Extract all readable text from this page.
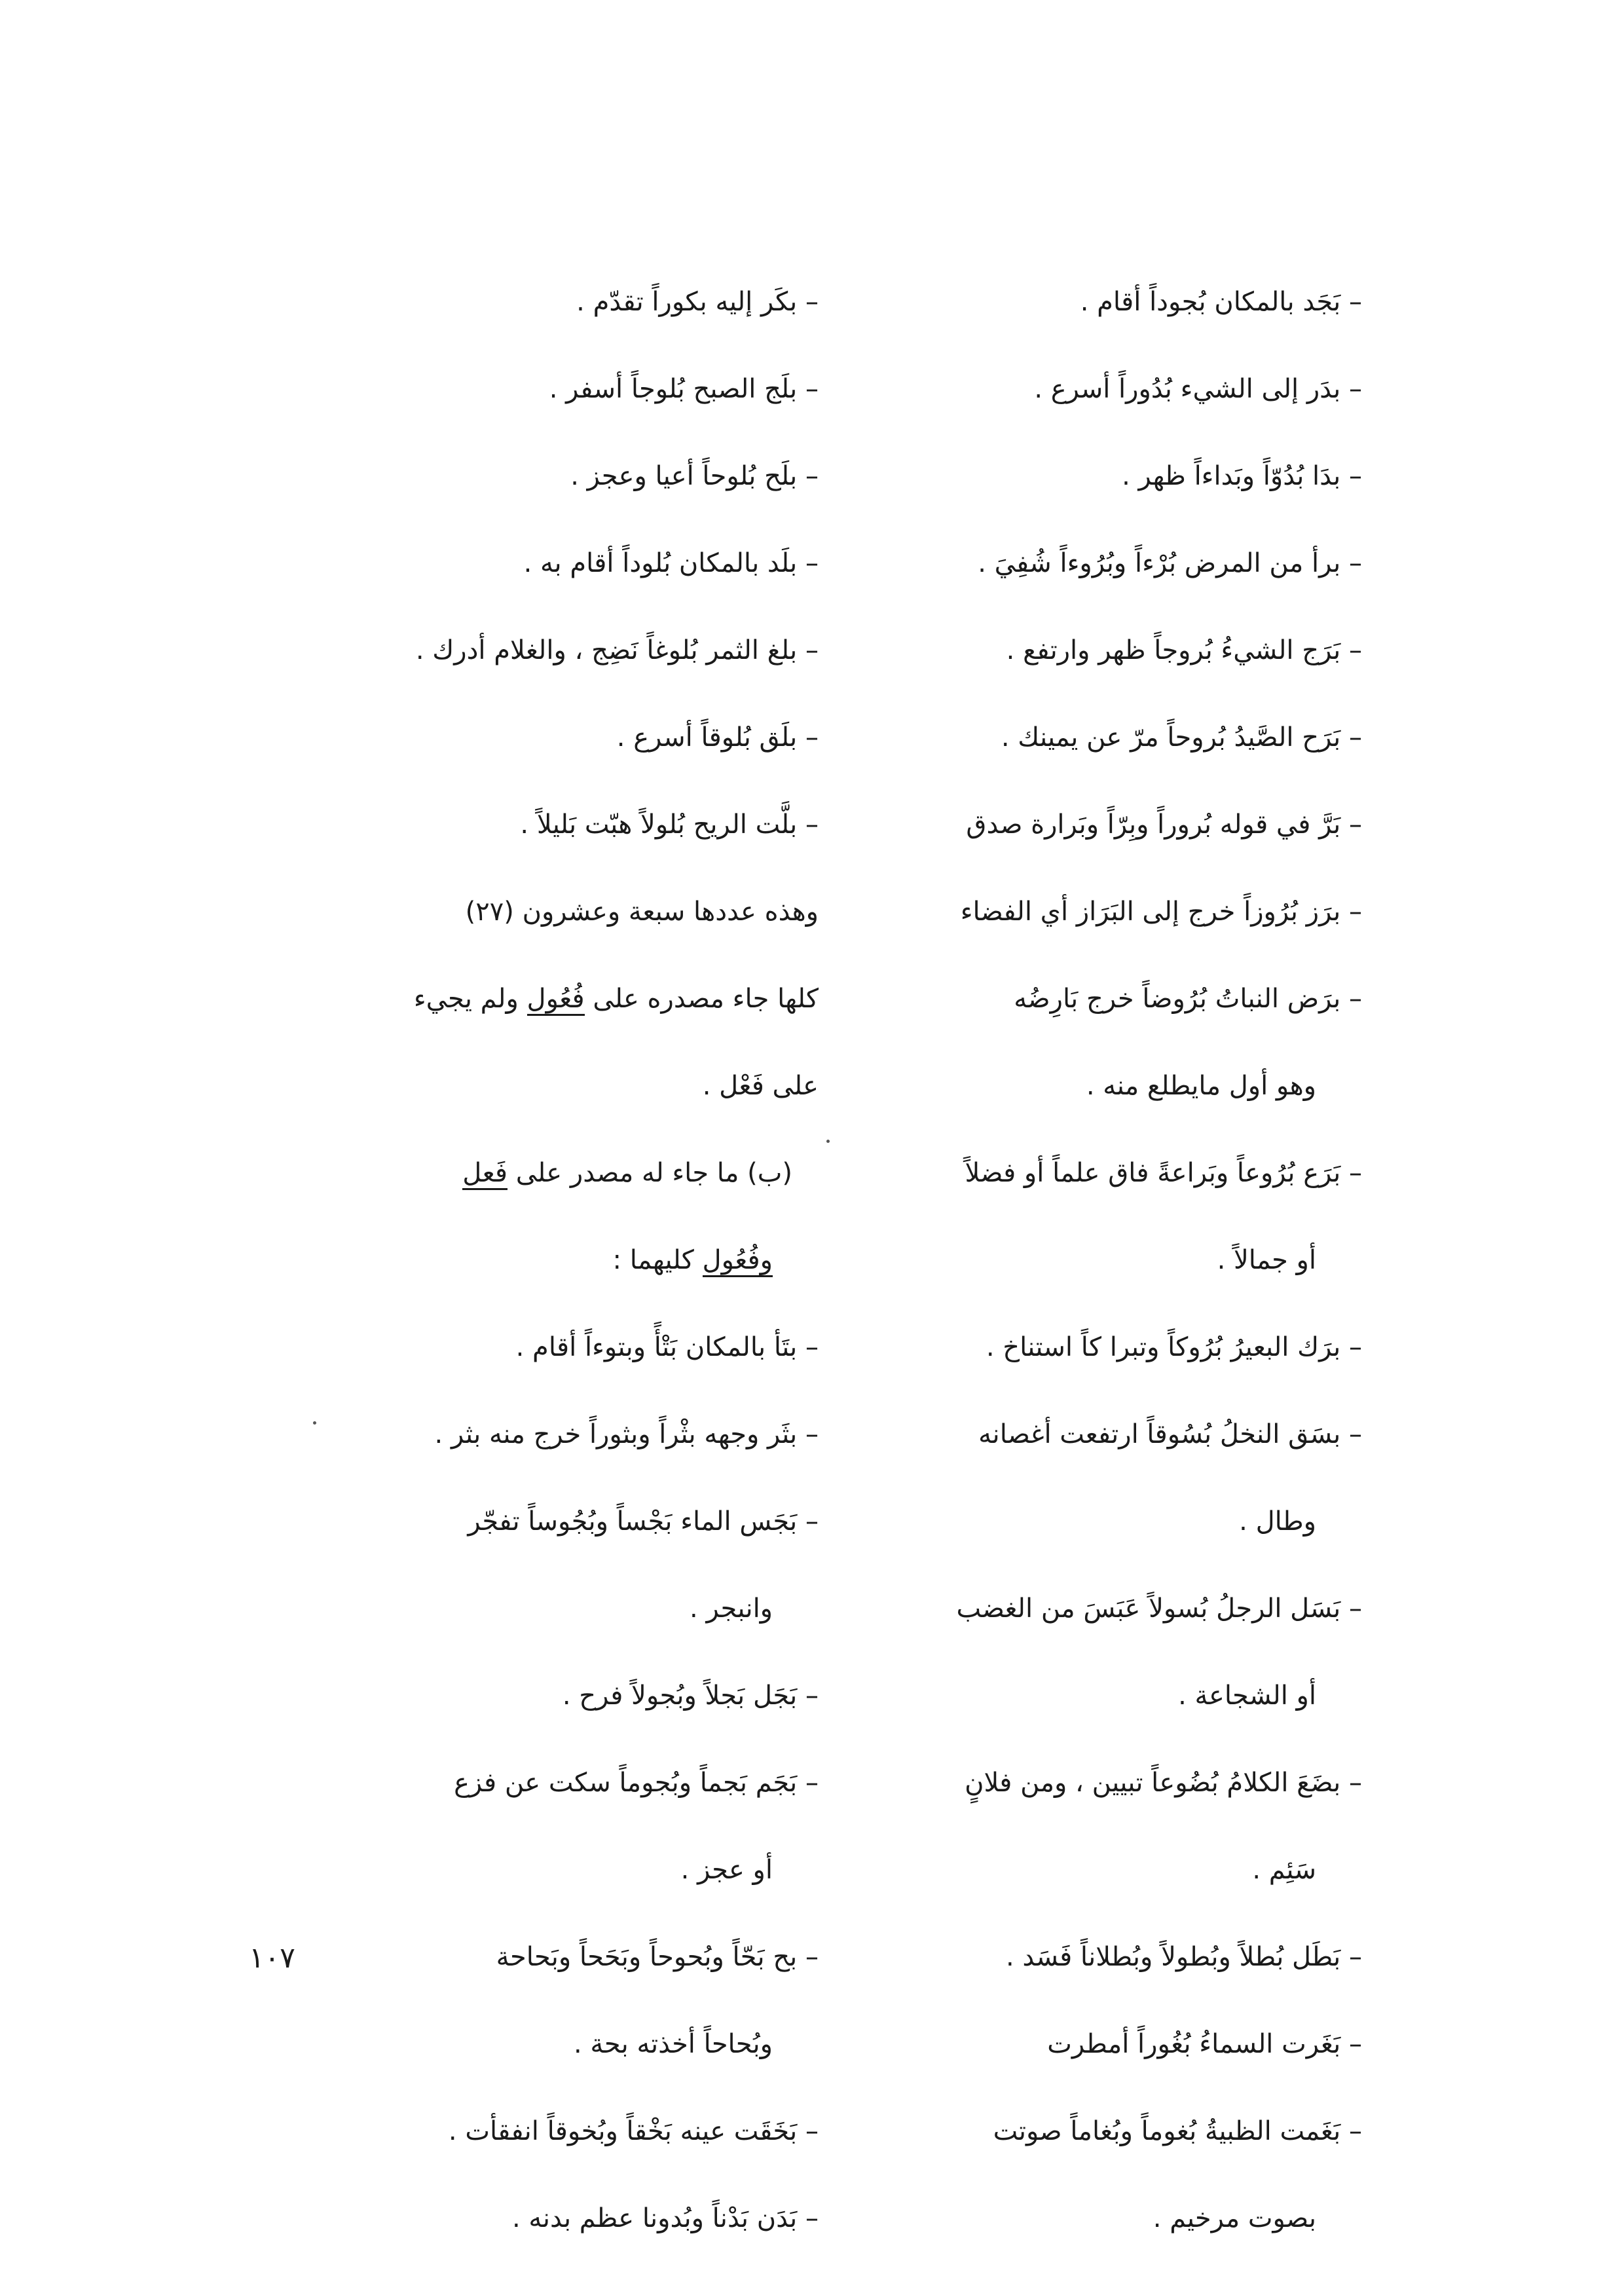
– بَجَد بالمكان بُجوداً أقام .
– بدَر إلى الشيء بُدُوراً أسرع .
– بدَا بُدُوّاً وبَداءاً ظهر .
– برأ من المرض بُرْءاً وبُرُوءاً شُفِيَ .
– بَرَج الشيءُ بُروجاً ظهر وارتفع .
– بَرَح الصَّيدُ بُروحاً مرّ عن يمينك .
– بَرَّ في قوله بُروراً وبِرّاً وبَرارة صدق
– برَز بُرُوزاً خرج إلى البَرَاز أي الفضاء
– برَض النباتُ بُرُوضاً خرج بَارِضُه
وهو أول مايطلع منه .
– بَرَع بُرُوعاً وبَراعةً فاق علماً أو فضلاً
أو جمالاً .
– برَك البعيرُ بُرُوكاً وتبرا كاً استناخ .
– بسَق النخلُ بُسُوقاً ارتفعت أغصانه
وطال .
– بَسَل الرجلُ بُسولاً عَبَسَ من الغضب
أو الشجاعة .
– بضَعَ الكلامُ بُضُوعاً تبيين ، ومن فلانٍ
سَئِم .
– بَطَل بُطلاً وبُطولاً وبُطلاناً فَسَد .
– بَغَرت السماءُ بُغُوراً أمطرت
– بَغَمت الظبيةُ بُغوماً وبُغاماً صوتت
بصوت مرخيم .
– بكَر إليه بكوراً تقدّم .
– بلَج الصبح بُلوجاً أسفر .
– بلَح بُلوحاً أعيا وعجز .
– بلَد بالمكان بُلوداً أقام به .
– بلغ الثمر بُلوغاً نَضِج ، والغلام أدرك .
– بلَق بُلوقاً أسرع .
– بلَّت الريح بُلولاً هبّت بَليلاً .
وهذه عددها سبعة وعشرون (٢٧)
كلها جاء مصدره على فُعُول ولم يجيء
على فَعْل .
(ب) ما جاء له مصدر على فَعل
وفُعُول كليهما :
– بتَأ بالمكان بَتْأً وبتوءاً أقام .
– بثَر وجهه بثْراً وبثوراً خرج منه بثر .
– بَجَس الماء بَجْساً وبُجُوساً تفجّر
وانبجر .
– بَجَل بَجلاً وبُجولاً فرح .
– بَجَم بَجماً وبُجوماً سكت عن فزع
أو عجز .
– بح بَحّاً وبُحوحاً وبَحَحاً وبَحاحة
وبُحاحاً أخذته بحة .
– بَخَقَت عينه بَخْقاً وبُخوقاً انفقأت .
– بَدَن بَدْناً وبُدونا عظم بدنه .
١٠٧
